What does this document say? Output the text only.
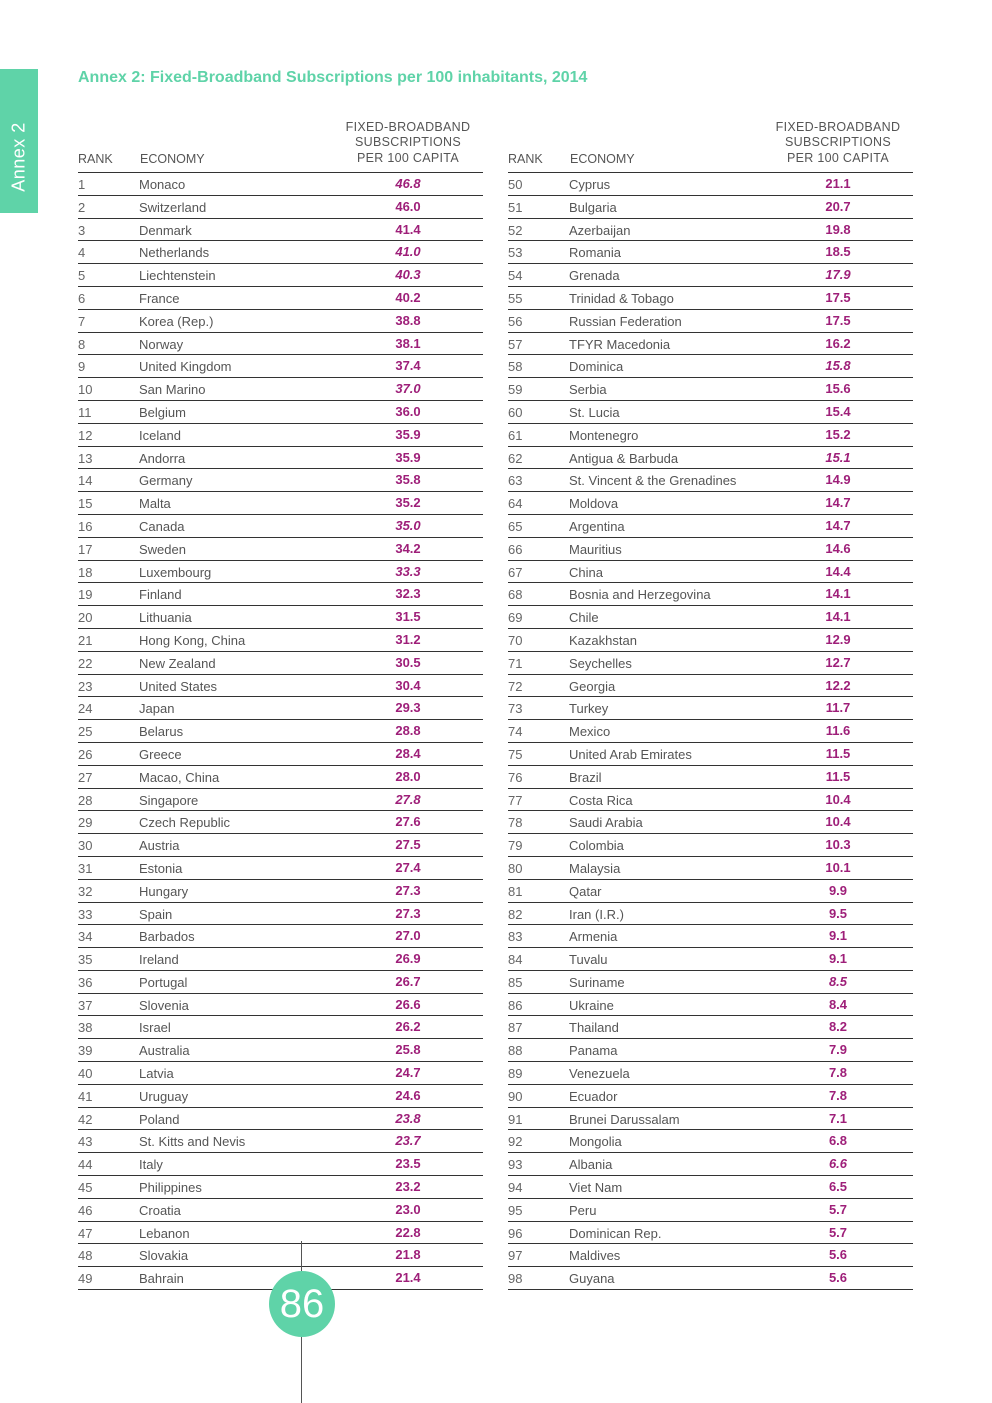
Annex 2
Annex 2: Fixed-Broadband Subscriptions per 100 inhabitants, 2014
RANK ECONOMY
FIXED-BROADBAND
SUBSCRIPTIONS
PER 100 CAPITA
1	Monaco	46.8
2	Switzerland	46.0
3	Denmark	41.4
4	Netherlands	41.0
5	Liechtenstein	40.3
6	France	40.2
7	Korea (Rep.)	38.8
8	Norway	38.1
9	United Kingdom	37.4
10	San Marino	37.0
11	Belgium	36.0
12	Iceland	35.9
13	Andorra	35.9
14	Germany	35.8
15	Malta	35.2
16	Canada	35.0
17	Sweden	34.2
18	Luxembourg	33.3
19	Finland	32.3
20	Lithuania	31.5
21	Hong Kong, China	31.2
22	New Zealand	30.5
23	United States	30.4
24	Japan	29.3
25	Belarus	28.8
26	Greece	28.4
27	Macao, China	28.0
28	Singapore	27.8
29	Czech Republic	27.6
30	Austria	27.5
31	Estonia	27.4
32	Hungary	27.3
33	Spain	27.3
34	Barbados	27.0
35	Ireland	26.9
36	Portugal	26.7
37	Slovenia	26.6
38	Israel	26.2
39	Australia	25.8
40	Latvia	24.7
41	Uruguay	24.6
42	Poland	23.8
43	St. Kitts and Nevis	23.7
44	Italy	23.5
45	Philippines	23.2
46	Croatia	23.0
47	Lebanon	22.8
48	Slovakia	21.8
49	Bahrain	21.4
RANK ECONOMY
FIXED-BROADBAND
SUBSCRIPTIONS
PER 100 CAPITA
50	Cyprus	21.1
51	Bulgaria	20.7
52	Azerbaijan	19.8
53	Romania	18.5
54	Grenada	17.9
55	Trinidad & Tobago	17.5
56	Russian Federation	17.5
57	TFYR Macedonia	16.2
58	Dominica	15.8
59	Serbia	15.6
60	St. Lucia	15.4
61	Montenegro	15.2
62	Antigua & Barbuda	15.1
63	St. Vincent & the Grenadines	14.9
64	Moldova	14.7
65	Argentina	14.7
66	Mauritius	14.6
67	China	14.4
68	Bosnia and Herzegovina	14.1
69	Chile	14.1
70	Kazakhstan	12.9
71	Seychelles	12.7
72	Georgia	12.2
73	Turkey	11.7
74	Mexico	11.6
75	United Arab Emirates	11.5
76	Brazil	11.5
77	Costa Rica	10.4
78	Saudi Arabia	10.4
79	Colombia	10.3
80	Malaysia	10.1
81	Qatar	9.9
82	Iran (I.R.)	9.5
83	Armenia	9.1
84	Tuvalu	9.1
85	Suriname	8.5
86	Ukraine	8.4
87	Thailand	8.2
88	Panama	7.9
89	Venezuela	7.8
90	Ecuador	7.8
91	Brunei Darussalam	7.1
92	Mongolia	6.8
93	Albania	6.6
94	Viet Nam	6.5
95	Peru	5.7
96	Dominican Rep.	5.7
97	Maldives	5.6
98	Guyana	5.6
86
